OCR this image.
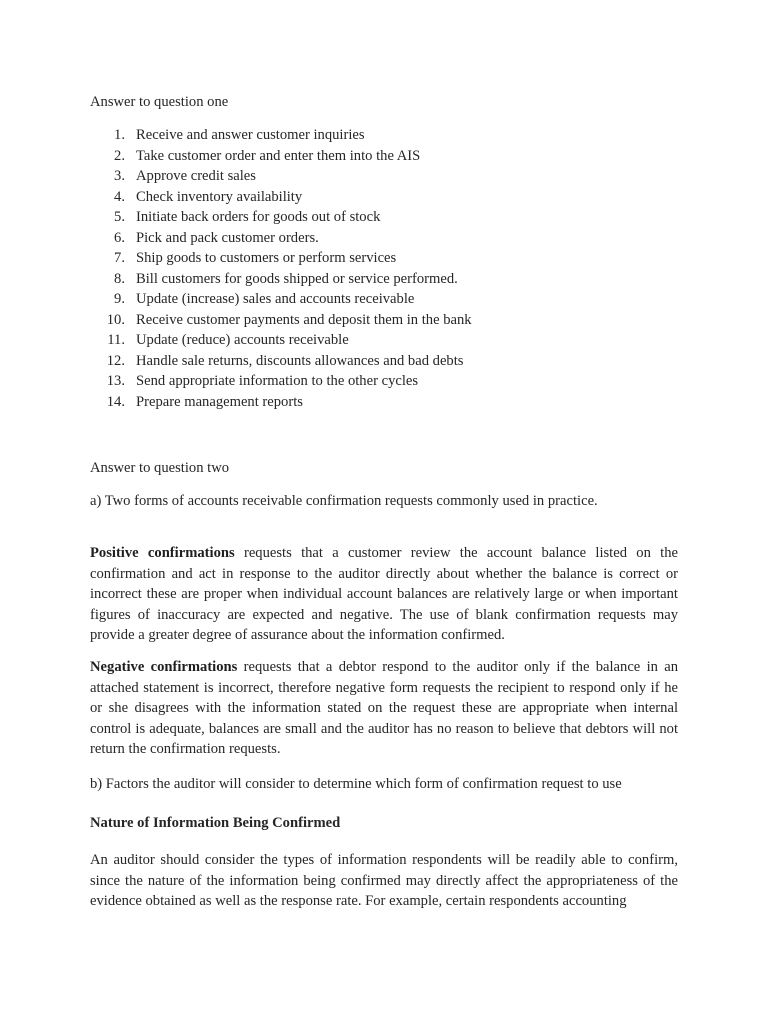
Answer to question one
1. Receive and answer customer inquiries
2. Take customer order and enter them into the AIS
3. Approve credit sales
4. Check inventory availability
5. Initiate back orders for goods out of stock
6. Pick and pack customer orders.
7. Ship goods to customers or perform services
8. Bill customers for goods shipped or service performed.
9. Update (increase) sales and accounts receivable
10. Receive customer payments and deposit them in the bank
11. Update (reduce) accounts receivable
12. Handle sale returns, discounts allowances and bad debts
13. Send appropriate information to the other cycles
14. Prepare management reports
Answer to question two
a) Two forms of accounts receivable confirmation requests commonly used in practice.

Positive confirmations requests that a customer review the account balance listed on the confirmation and act in response to the auditor directly about whether the balance is correct or incorrect these are proper when individual account balances are relatively large or when important figures of inaccuracy are expected and negative. The use of blank confirmation requests may provide a greater degree of assurance about the information confirmed.

Negative confirmations requests that a debtor respond to the auditor only if the balance in an attached statement is incorrect, therefore negative form requests the recipient to respond only if he or she disagrees with the information stated on the request these are appropriate when internal control is adequate, balances are small and the auditor has no reason to believe that debtors will not return the confirmation requests.

b) Factors the auditor will consider to determine which form of confirmation request to use
Nature of Information Being Confirmed
An auditor should consider the types of information respondents will be readily able to confirm, since the nature of the information being confirmed may directly affect the appropriateness of the evidence obtained as well as the response rate. For example, certain respondents accounting
